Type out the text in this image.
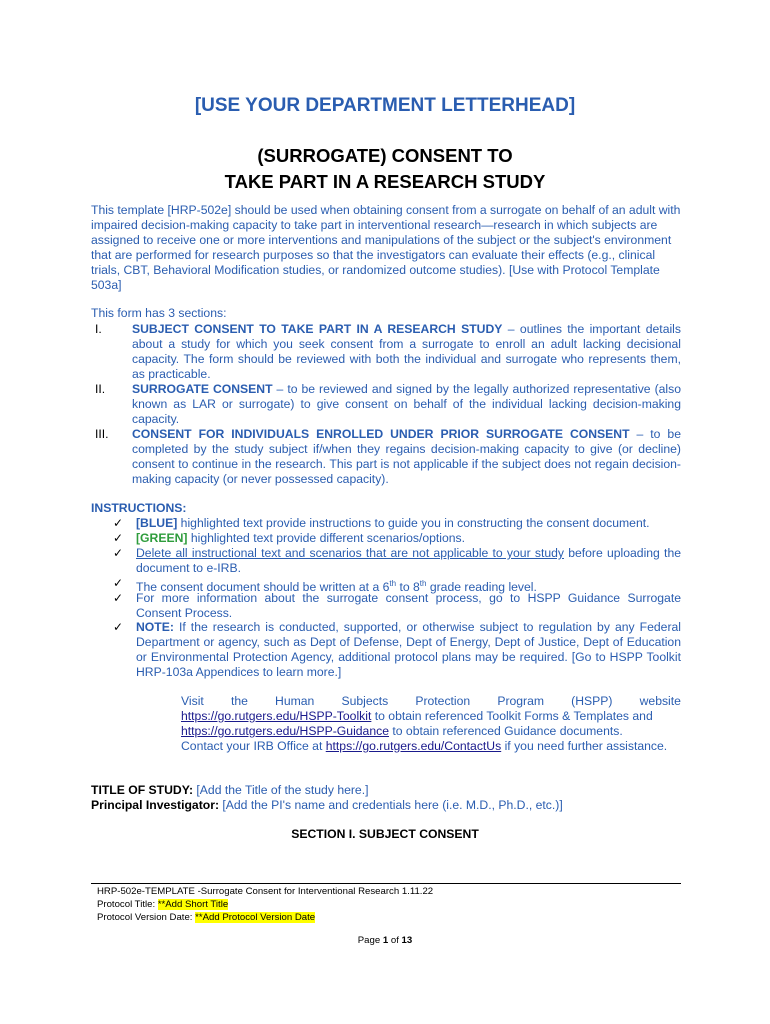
[USE YOUR DEPARTMENT LETTERHEAD]
(SURROGATE) CONSENT TO
TAKE PART IN A RESEARCH STUDY
This template [HRP-502e] should be used when obtaining consent from a surrogate on behalf of an adult with impaired decision-making capacity to take part in interventional research—research in which subjects are assigned to receive one or more interventions and manipulations of the subject or the subject's environment that are performed for research purposes so that the investigators can evaluate their effects (e.g., clinical trials, CBT, Behavioral Modification studies, or randomized outcome studies). [Use with Protocol Template 503a]
This form has 3 sections:
I.	SUBJECT CONSENT TO TAKE PART IN A RESEARCH STUDY – outlines the important details about a study for which you seek consent from a surrogate to enroll an adult lacking decisional capacity. The form should be reviewed with both the individual and surrogate who represents them, as practicable.
II.	SURROGATE CONSENT – to be reviewed and signed by the legally authorized representative (also known as LAR or surrogate) to give consent on behalf of the individual lacking decision-making capacity.
III.	CONSENT FOR INDIVIDUALS ENROLLED UNDER PRIOR SURROGATE CONSENT – to be completed by the study subject if/when they regains decision-making capacity to give (or decline) consent to continue in the research. This part is not applicable if the subject does not regain decision-making capacity (or never possessed capacity).
INSTRUCTIONS:
✓ [BLUE] highlighted text provide instructions to guide you in constructing the consent document.
✓ [GREEN] highlighted text provide different scenarios/options.
✓ Delete all instructional text and scenarios that are not applicable to your study before uploading the document to e-IRB.
✓ The consent document should be written at a 6th to 8th grade reading level.
✓ For more information about the surrogate consent process, go to HSPP Guidance Surrogate Consent Process.
✓ NOTE: If the research is conducted, supported, or otherwise subject to regulation by any Federal Department or agency, such as Dept of Defense, Dept of Energy, Dept of Justice, Dept of Education or Environmental Protection Agency, additional protocol plans may be required. [Go to HSPP Toolkit HRP-103a Appendices to learn more.]
Visit the Human Subjects Protection Program (HSPP) website
https://go.rutgers.edu/HSPP-Toolkit to obtain referenced Toolkit Forms & Templates and
https://go.rutgers.edu/HSPP-Guidance to obtain referenced Guidance documents.
Contact your IRB Office at https://go.rutgers.edu/ContactUs if you need further assistance.
TITLE OF STUDY: [Add the Title of the study here.]
Principal Investigator: [Add the PI's name and credentials here (i.e. M.D., Ph.D., etc.)]
SECTION I. SUBJECT CONSENT
HRP-502e-TEMPLATE -Surrogate Consent for Interventional Research 1.11.22
Protocol Title: **Add Short Title
Protocol Version Date: **Add Protocol Version Date
Page 1 of 13
